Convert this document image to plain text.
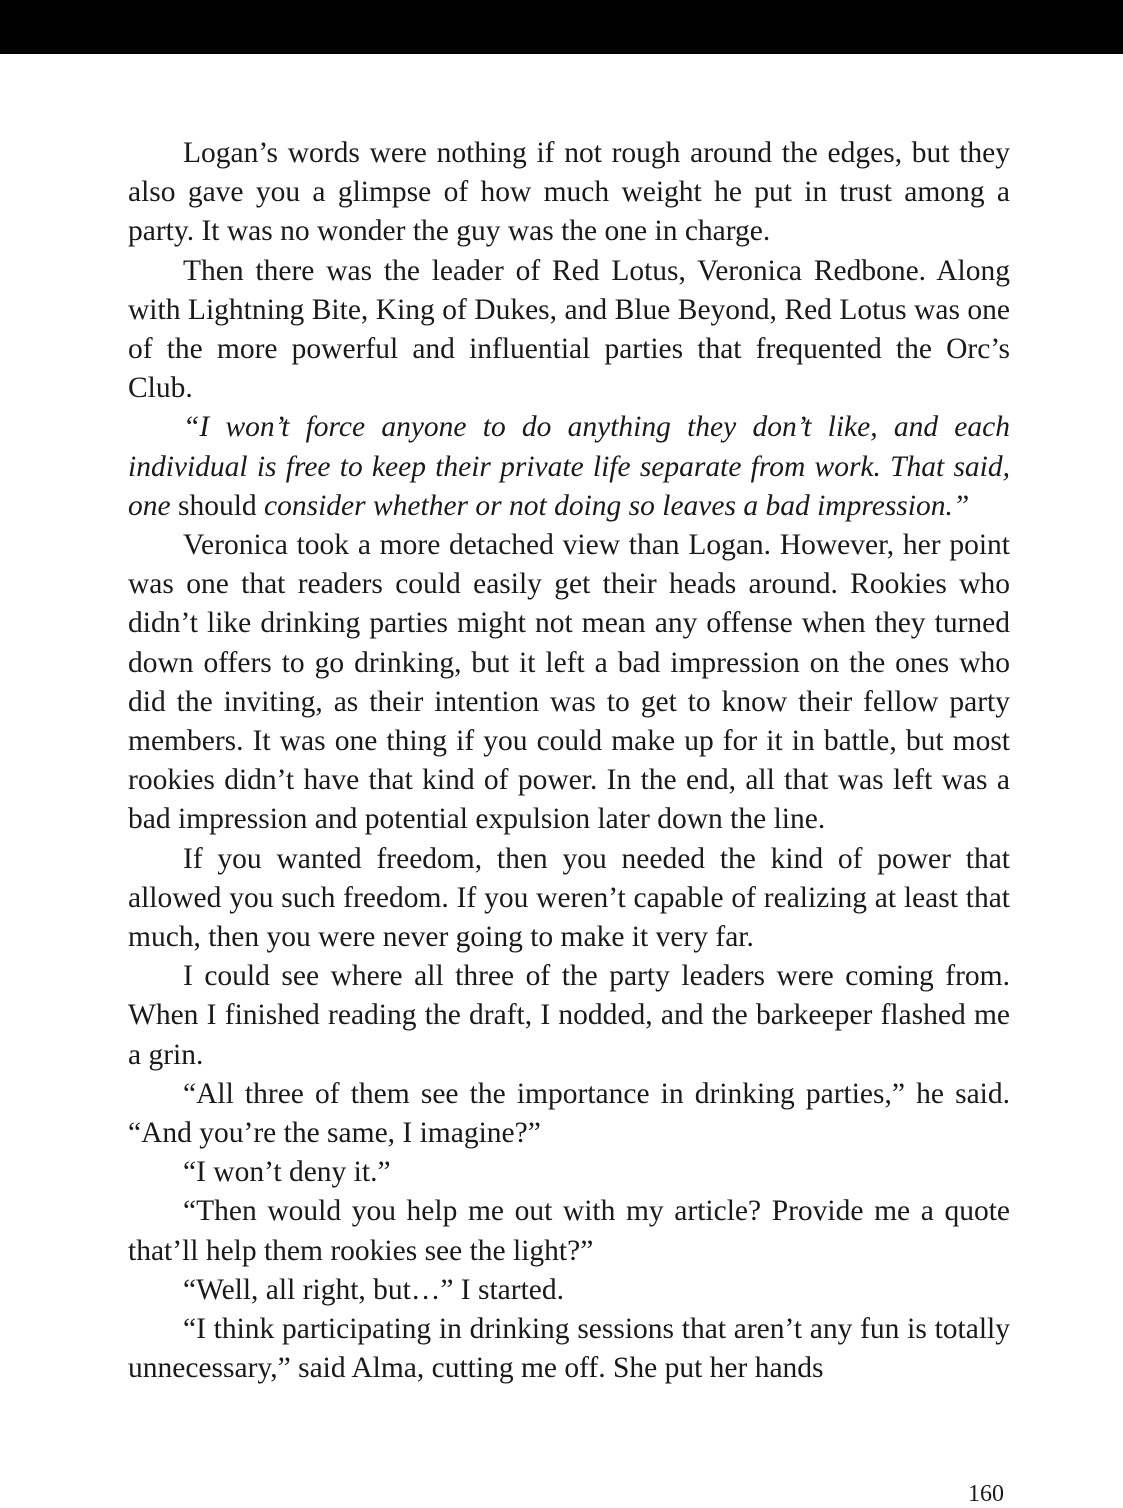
Logan’s words were nothing if not rough around the edges, but they also gave you a glimpse of how much weight he put in trust among a party. It was no wonder the guy was the one in charge.

Then there was the leader of Red Lotus, Veronica Redbone. Along with Lightning Bite, King of Dukes, and Blue Beyond, Red Lotus was one of the more powerful and influential parties that frequented the Orc’s Club.

“I won’t force anyone to do anything they don’t like, and each individual is free to keep their private life separate from work. That said, one should consider whether or not doing so leaves a bad impression.”

Veronica took a more detached view than Logan. However, her point was one that readers could easily get their heads around. Rookies who didn’t like drinking parties might not mean any offense when they turned down offers to go drinking, but it left a bad impression on the ones who did the inviting, as their intention was to get to know their fellow party members. It was one thing if you could make up for it in battle, but most rookies didn’t have that kind of power. In the end, all that was left was a bad impression and potential expulsion later down the line.

If you wanted freedom, then you needed the kind of power that allowed you such freedom. If you weren’t capable of realizing at least that much, then you were never going to make it very far.

I could see where all three of the party leaders were coming from. When I finished reading the draft, I nodded, and the barkeeper flashed me a grin.

“All three of them see the importance in drinking parties,” he said. “And you’re the same, I imagine?”

“I won’t deny it.”

“Then would you help me out with my article? Provide me a quote that’ll help them rookies see the light?”

“Well, all right, but…” I started.

“I think participating in drinking sessions that aren’t any fun is totally unnecessary,” said Alma, cutting me off. She put her hands

160
